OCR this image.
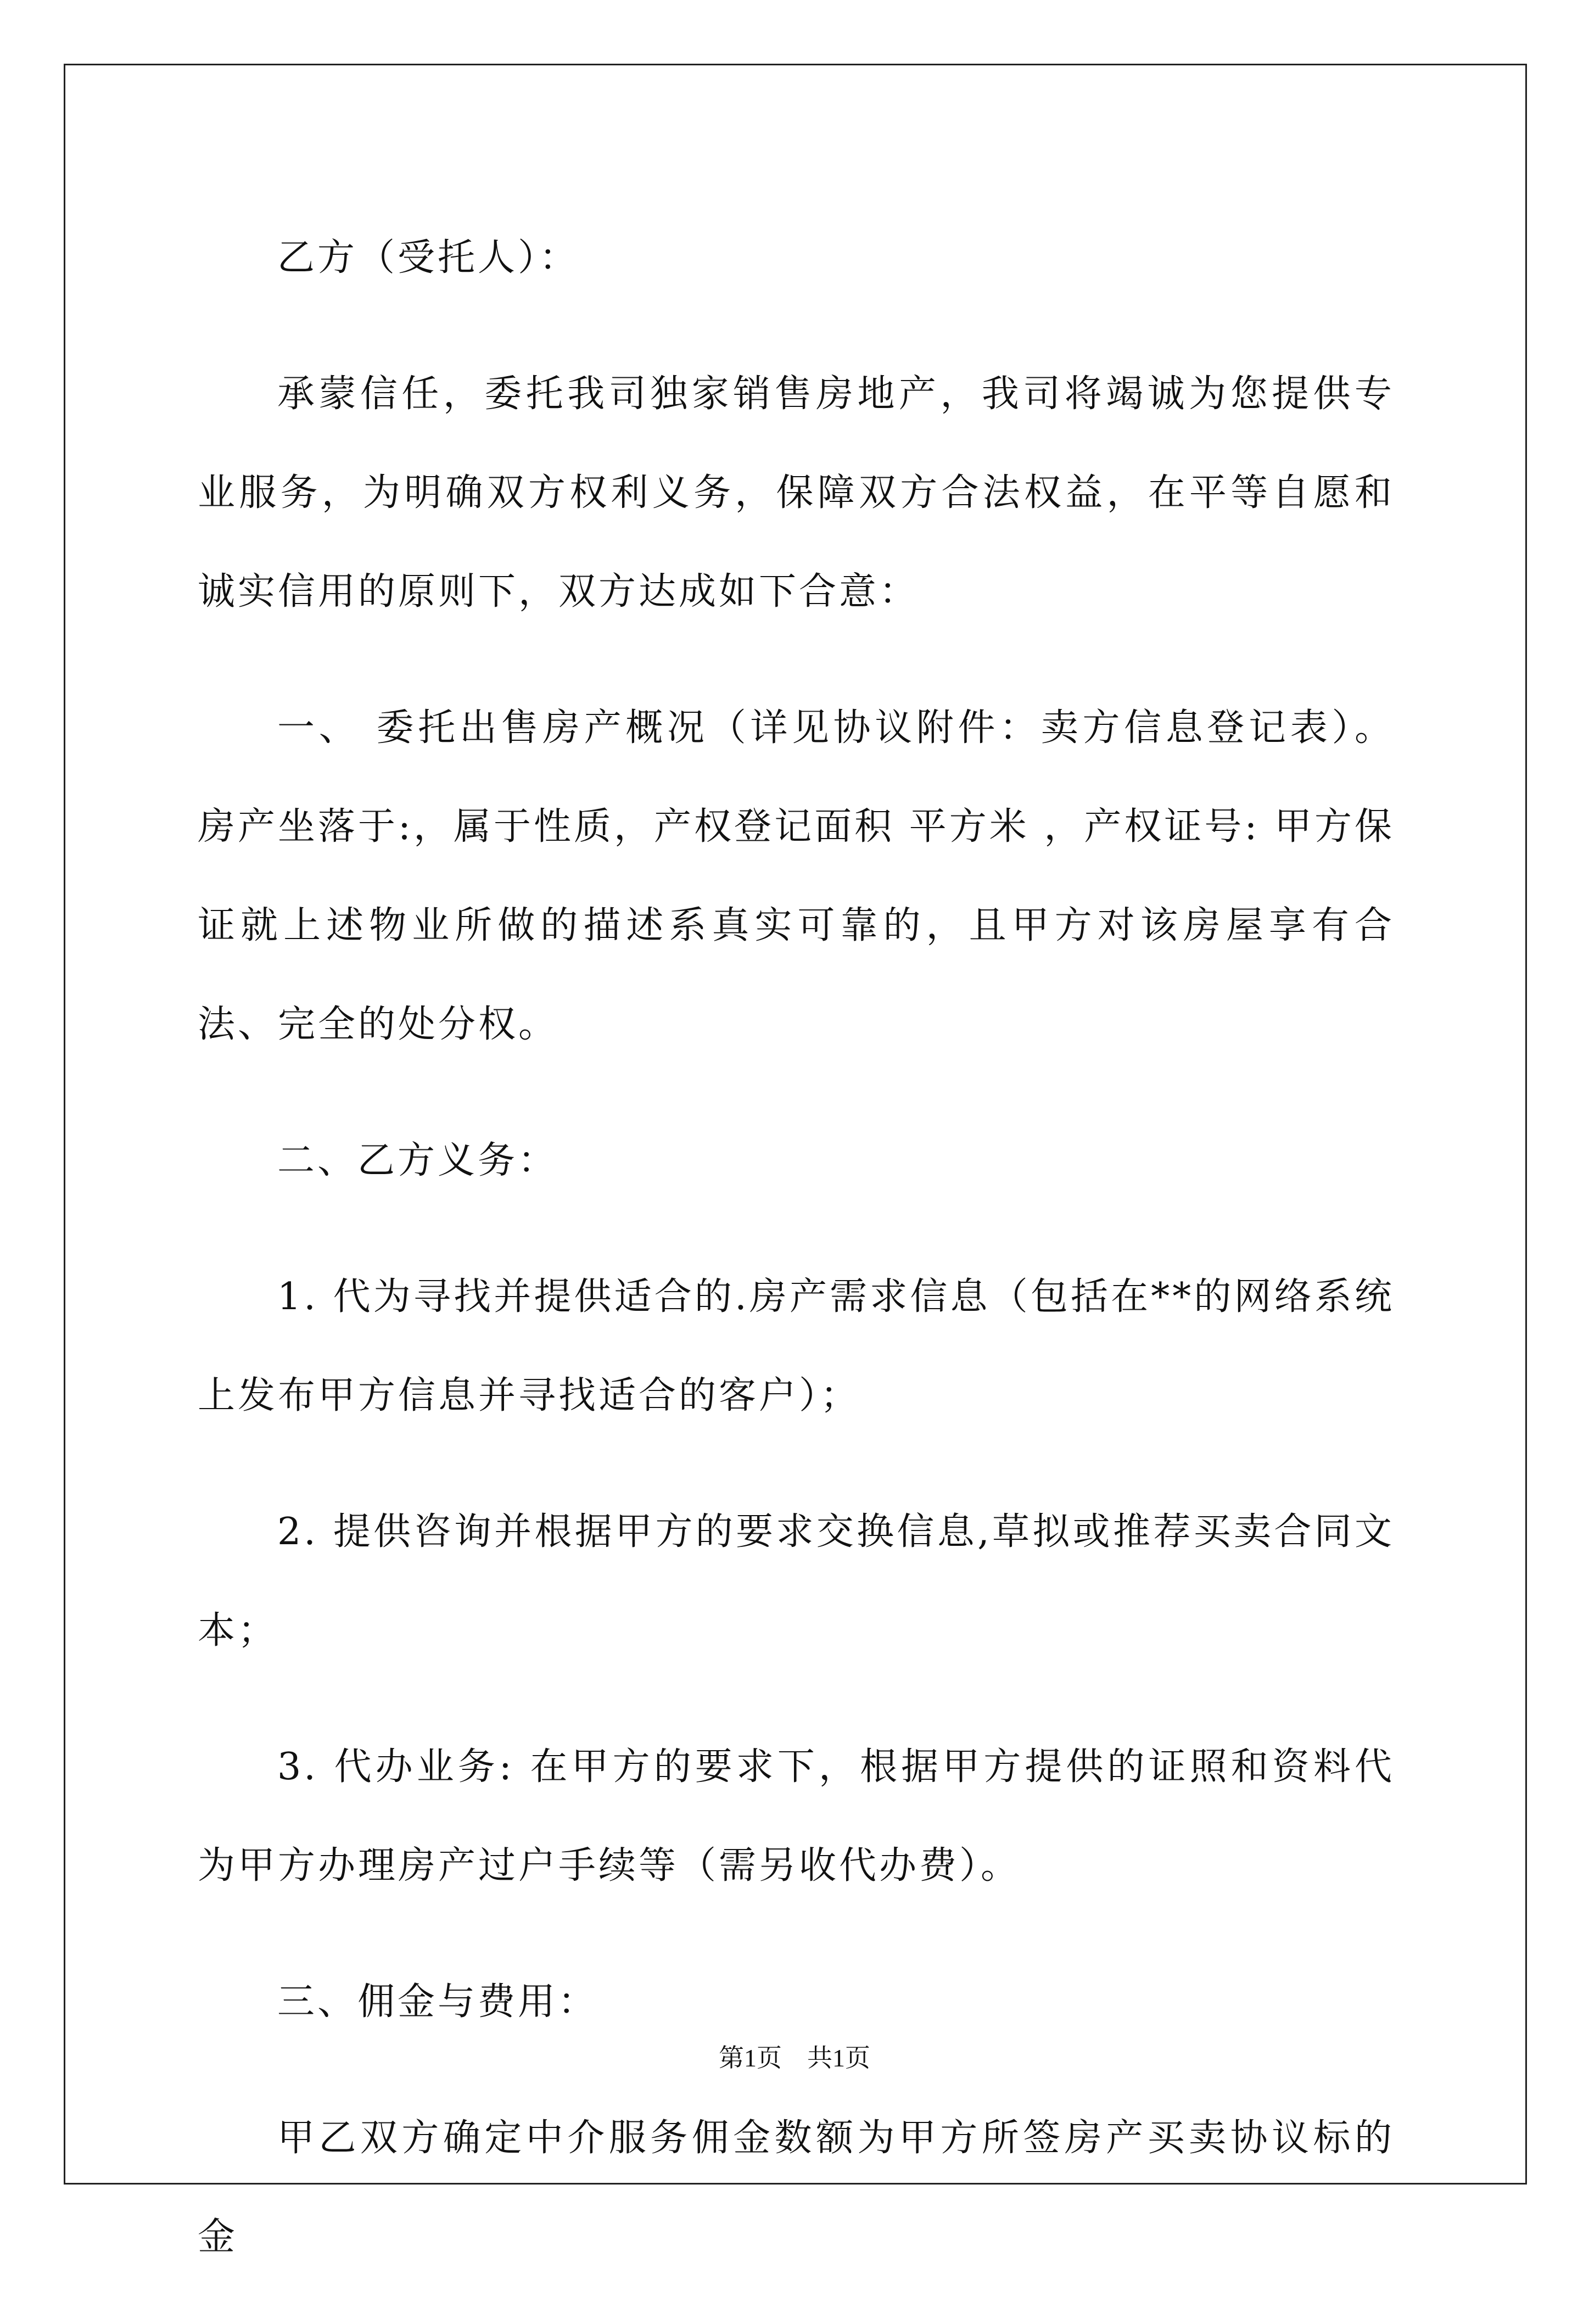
乙方（受托人）：

承蒙信任，委托我司独家销售房地产，我司将竭诚为您提供专业服务，为明确双方权利义务，保障双方合法权益，在平等自愿和诚实信用的原则下，双方达成如下合意：

一、 委托出售房产概况（详见协议附件：卖方信息登记表）。房产坐落于:，属于性质，产权登记面积 平方米 ，产权证号: 甲方保证就上述物业所做的描述系真实可靠的，且甲方对该房屋享有合法、完全的处分权。

二、乙方义务：

1. 代为寻找并提供适合的.房产需求信息（包括在**的网络系统上发布甲方信息并寻找适合的客户）；

2. 提供咨询并根据甲方的要求交换信息,草拟或推荐买卖合同文本；

3. 代办业务: 在甲方的要求下，根据甲方提供的证照和资料代为甲方办理房产过户手续等（需另收代办费）。

三、佣金与费用：

甲乙双方确定中介服务佣金数额为甲方所签房产买卖协议标的金

第1页　共1页
